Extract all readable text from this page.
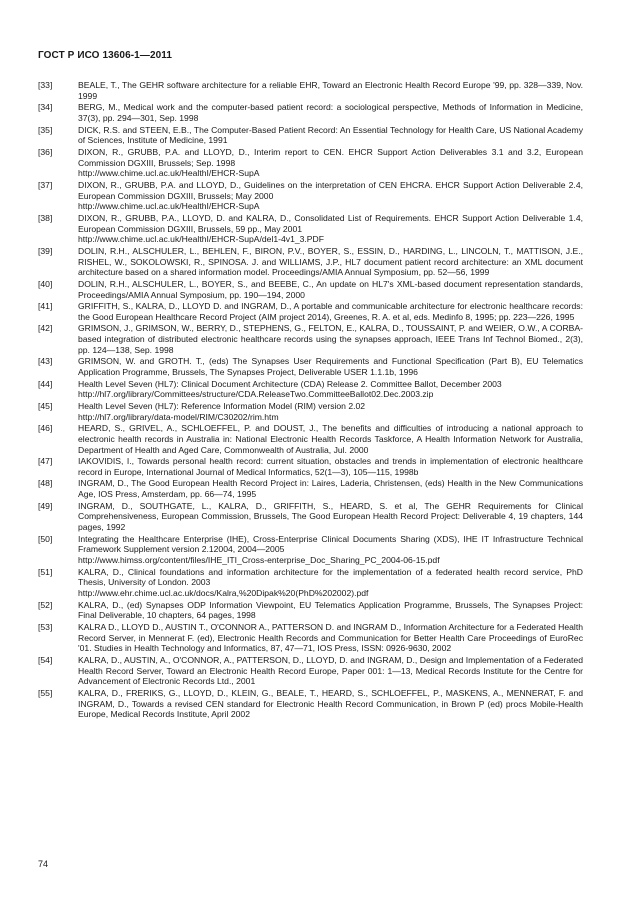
ГОСТ Р ИСО 13606-1—2011
[33]	BEALE, T., The GEHR software architecture for a reliable EHR, Toward an Electronic Health Record Europe '99, pp. 328—339, Nov. 1999
[34]	BERG, M., Medical work and the computer-based patient record: a sociological perspective, Methods of Information in Medicine, 37(3), pp. 294—301, Sep. 1998
[35]	DICK, R.S. and STEEN, E.B., The Computer-Based Patient Record: An Essential Technology for Health Care, US National Academy of Sciences, Institute of Medicine, 1991
[36]	DIXON, R., GRUBB, P.A. and LLOYD, D., Interim report to CEN. EHCR Support Action Deliverables 3.1 and 3.2, European Commission DGXIII, Brussels; Sep. 1998
http://www.chime.ucl.ac.uk/HealthI/EHCR-SupA
[37]	DIXON, R., GRUBB, P.A. and LLOYD, D., Guidelines on the interpretation of CEN EHCRA. EHCR Support Action Deliverable 2.4, European Commission DGXIII, Brussels; May 2000
http://www.chime.ucl.ac.uk/HealthI/EHCR-SupA
[38]	DIXON, R., GRUBB, P.A., LLOYD, D. and KALRA, D., Consolidated List of Requirements. EHCR Support Action Deliverable 1.4, European Commission DGXIII, Brussels, 59 pp., May 2001
http://www.chime.ucl.ac.uk/HealthI/EHCR-SupA/del1-4v1_3.PDF
[39]	DOLIN, R.H., ALSCHULER, L., BEHLEN, F., BIRON, P.V., BOYER, S., ESSIN, D., HARDING, L., LINCOLN, T., MATTISON, J.E., RISHEL, W., SOKOLOWSKI, R., SPINOSA. J. and WILLIAMS, J.P., HL7 document patient record architecture: an XML document architecture based on a shared information model. Proceedings/AMIA Annual Symposium, pp. 52—56, 1999
[40]	DOLIN, R.H., ALSCHULER, L., BOYER, S., and BEEBE, C., An update on HL7's XML-based document representation standards, Proceedings/AMIA Annual Symposium, pp. 190—194, 2000
[41]	GRIFFITH, S., KALRA, D., LLOYD D. and INGRAM, D., A portable and communicable architecture for electronic healthcare records: the Good European Healthcare Record Project (AIM project 2014), Greenes, R. A. et al, eds. Medinfo 8, 1995; pp. 223—226, 1995
[42]	GRIMSON, J., GRIMSON, W., BERRY, D., STEPHENS, G., FELTON, E., KALRA, D., TOUSSAINT, P. and WEIER, O.W., A CORBA-based integration of distributed electronic healthcare records using the synapses approach, IEEE Trans Inf Technol Biomed., 2(3), pp. 124—138, Sep. 1998
[43]	GRIMSON, W. and GROTH. T., (eds) The Synapses User Requirements and Functional Specification (Part B), EU Telematics Application Programme, Brussels, The Synapses Project, Deliverable USER 1.1.1b, 1996
[44]	Health Level Seven (HL7): Clinical Document Architecture (CDA) Release 2. Committee Ballot, December 2003
http://hl7.org/library/Committees/structure/CDA.ReleaseTwo.CommitteeBallot02.Dec.2003.zip
[45]	Health Level Seven (HL7): Reference Information Model (RIM) version 2.02
http://hl7.org/library/data-model/RIM/C30202/rim.htm
[46]	HEARD, S., GRIVEL, A., SCHLOEFFEL, P. and DOUST, J., The benefits and difficulties of introducing a national approach to electronic health records in Australia in: National Electronic Health Records Taskforce, A Health Information Network for Australia, Department of Health and Aged Care, Commonwealth of Australia, Jul. 2000
[47]	IAKOVIDIS, I., Towards personal health record: current situation, obstacles and trends in implementation of electronic healthcare record in Europe, International Journal of Medical Informatics, 52(1—3), 105—115, 1998b
[48]	INGRAM, D., The Good European Health Record Project in: Laires, Laderia, Christensen, (eds) Health in the New Communications Age, IOS Press, Amsterdam, pp. 66—74, 1995
[49]	INGRAM, D., SOUTHGATE, L., KALRA, D., GRIFFITH, S., HEARD, S. et al, The GEHR Requirements for Clinical Comprehensiveness, European Commission, Brussels, The Good European Health Record Project: Deliverable 4, 19 chapters, 144 pages, 1992
[50]	Integrating the Healthcare Enterprise (IHE), Cross-Enterprise Clinical Documents Sharing (XDS), IHE IT Infrastructure Technical Framework Supplement version 2.12004, 2004—2005
http://www.himss.org/content/files/IHE_ITI_Cross-enterprise_Doc_Sharing_PC_2004-06-15.pdf
[51]	KALRA, D., Clinical foundations and information architecture for the implementation of a federated health record service, PhD Thesis, University of London. 2003
http://www.ehr.chime.ucl.ac.uk/docs/Kalra,%20Dipak%20(PhD%202002).pdf
[52]	KALRA, D., (ed) Synapses ODP Information Viewpoint, EU Telematics Application Programme, Brussels, The Synapses Project: Final Deliverable, 10 chapters, 64 pages, 1998
[53]	KALRA D., LLOYD D., AUSTIN T., O'CONNOR A., PATTERSON D. and INGRAM D., Information Architecture for a Federated Health Record Server, in Mennerat F. (ed), Electronic Health Records and Communication for Better Health Care Proceedings of EuroRec '01. Studies in Health Technology and Informatics, 87, 47—71, IOS Press, ISSN: 0926-9630, 2002
[54]	KALRA, D., AUSTIN, A., O'CONNOR, A., PATTERSON, D., LLOYD, D. and INGRAM, D., Design and Implementation of a Federated Health Record Server, Toward an Electronic Health Record Europe, Paper 001: 1—13, Medical Records Institute for the Centre for Advancement of Electronic Records Ltd., 2001
[55]	KALRA, D., FRERIKS, G., LLOYD, D., KLEIN, G., BEALE, T., HEARD, S., SCHLOEFFEL, P., MASKENS, A., MENNERAT, F. and INGRAM, D., Towards a revised CEN standard for Electronic Health Record Communication, in Brown P (ed) procs Mobile-Health Europe, Medical Records Institute, April 2002
74
